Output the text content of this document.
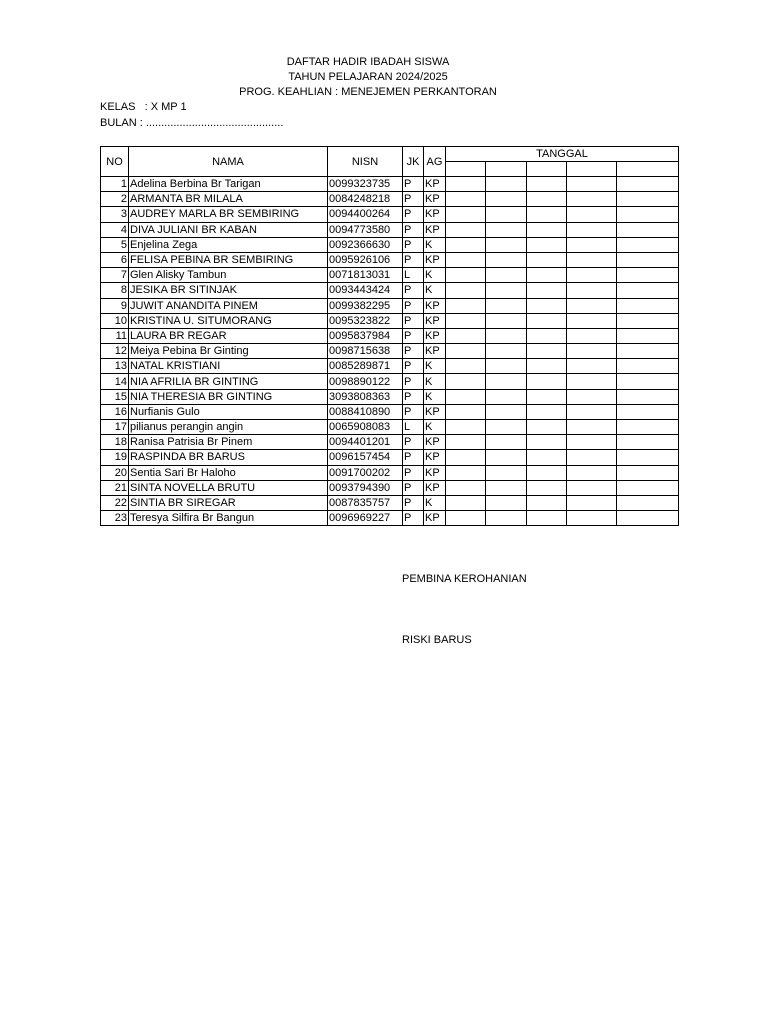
DAFTAR HADIR IBADAH SISWA
TAHUN PELAJARAN 2024/2025
PROG. KEAHLIAN : MENEJEMEN PERKANTORAN
KELAS   : X MP 1
BULAN : .............................................
NO	NAMA	NISN	JK	AG	TANGGAL				

1	Adelina Berbina Br Tarigan	0099323735	P	KP					
2	ARMANTA BR MILALA	0084248218	P	KP					
3	AUDREY MARLA BR SEMBIRING	0094400264	P	KP					
4	DIVA JULIANI BR KABAN	0094773580	P	KP					
5	Enjelina Zega	0092366630	P	K					
6	FELISA PEBINA BR SEMBIRING	0095926106	P	KP					
7	Glen Alisky Tambun	0071813031	L	K					
8	JESIKA BR SITINJAK	0093443424	P	K					
9	JUWIT ANANDITA PINEM	0099382295	P	KP					
10	KRISTINA U. SITUMORANG	0095323822	P	KP					
11	LAURA BR REGAR	0095837984	P	KP					
12	Meiya Pebina Br Ginting	0098715638	P	KP					
13	NATAL KRISTIANI	0085289871	P	K					
14	NIA AFRILIA BR GINTING	0098890122	P	K					
15	NIA THERESIA BR GINTING	3093808363	P	K					
16	Nurfianis Gulo	0088410890	P	KP					
17	pilianus perangin angin	0065908083	L	K					
18	Ranisa Patrisia Br Pinem	0094401201	P	KP					
19	RASPINDA BR BARUS	0096157454	P	KP					
20	Sentia Sari Br Haloho	0091700202	P	KP					
21	SINTA NOVELLA BRUTU	0093794390	P	KP					
22	SINTIA BR SIREGAR	0087835757	P	K					
23	Teresya Silfira Br Bangun	0096969227	P	KP					
PEMBINA KEROHANIAN
RISKI BARUS
